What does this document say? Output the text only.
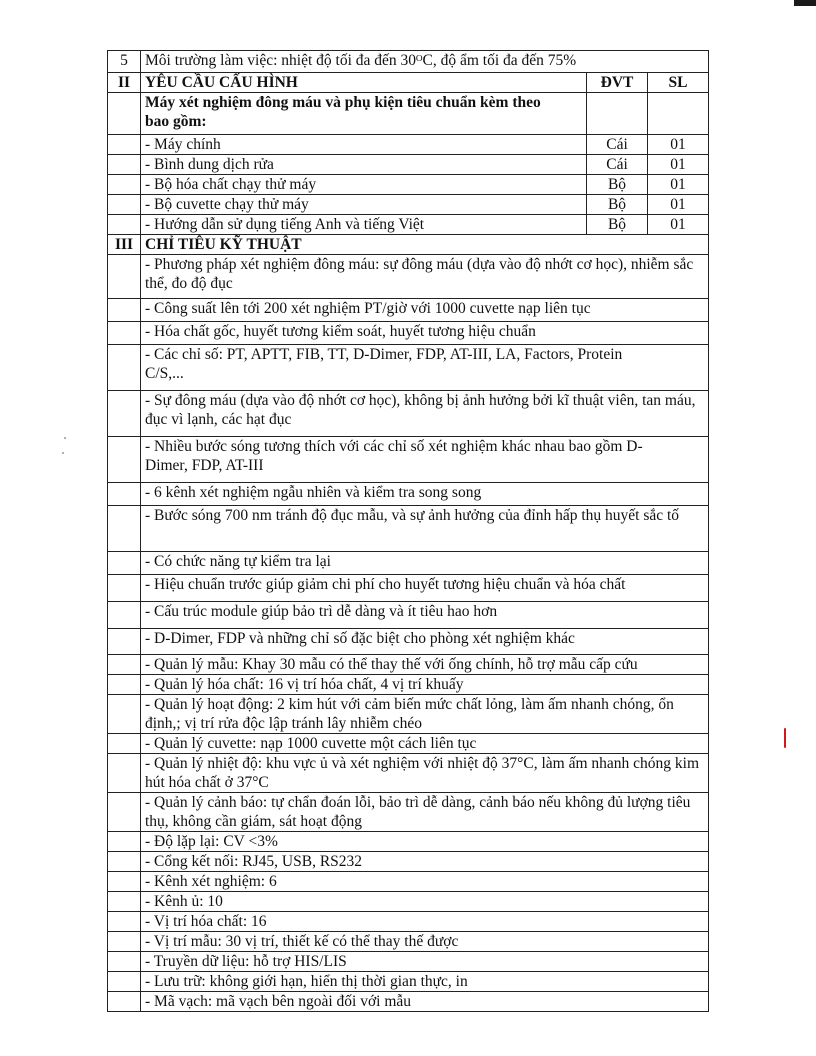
5	Môi trường làm việc: nhiệt độ tối đa đến 30ᴼC, độ ẩm tối đa đến 75%		
II	YÊU CẦU CẤU HÌNH	ĐVT	SL
	Máy xét nghiệm đông máu và phụ kiện tiêu chuẩn kèm theo bao gồm:		
	- Máy chính	Cái	01
	- Bình dung dịch rửa	Cái	01
	- Bộ hóa chất chạy thử máy	Bộ	01
	- Bộ cuvette chạy thử máy	Bộ	01
	- Hướng dẫn sử dụng tiếng Anh và tiếng Việt	Bộ	01
III	CHỈ TIÊU KỸ THUẬT		
	- Phương pháp xét nghiệm đông máu: sự đông máu (dựa vào độ nhớt cơ học), nhiễm sắc thể, đo độ đục		
	- Công suất lên tới 200 xét nghiệm PT/giờ với 1000 cuvette nạp liên tục		
	- Hóa chất gốc, huyết tương kiểm soát, huyết tương hiệu chuẩn		
	- Các chỉ số: PT, APTT, FIB, TT, D-Dimer, FDP, AT-III, LA, Factors, Protein C/S,...		
	- Sự đông máu (dựa vào độ nhớt cơ học), không bị ảnh hưởng bởi kĩ thuật viên, tan máu, đục vì lạnh, các hạt đục		
	- Nhiều bước sóng tương thích với các chỉ số xét nghiệm khác nhau bao gồm D-Dimer, FDP, AT-III		
	- 6 kênh xét nghiệm ngẫu nhiên và kiểm tra song song		
	- Bước sóng 700 nm tránh độ đục mẫu, và sự ảnh hưởng của đỉnh hấp thụ huyết sắc tố		
	- Có chức năng tự kiểm tra lại		
	- Hiệu chuẩn trước giúp giảm chi phí cho huyết tương hiệu chuẩn và hóa chất		
	- Cấu trúc module giúp bảo trì dễ dàng và ít tiêu hao hơn		
	- D-Dimer, FDP và những chỉ số đặc biệt cho phòng xét nghiệm khác		
	- Quản lý mẫu: Khay 30 mẫu có thể thay thế với ống chính, hỗ trợ mẫu cấp cứu		
	- Quản lý hóa chất: 16 vị trí hóa chất, 4 vị trí khuấy		
	- Quản lý hoạt động: 2 kim hút với cảm biến mức chất lỏng, làm ấm nhanh chóng, ổn định,; vị trí rửa độc lập tránh lây nhiễm chéo		
	- Quản lý cuvette: nạp 1000 cuvette một cách liên tục		
	- Quản lý nhiệt độ: khu vực ủ và xét nghiệm với nhiệt độ 37°C, làm ấm nhanh chóng kim hút hóa chất ở 37°C		
	- Quản lý cảnh báo: tự chẩn đoán lỗi, bảo trì dễ dàng, cảnh báo nếu không đủ lượng tiêu thụ, không cần giám, sát hoạt động		
	- Độ lặp lại: CV <3%		
	- Cổng kết nối: RJ45, USB, RS232		
	- Kênh xét nghiệm: 6		
	- Kênh ủ: 10		
	- Vị trí hóa chất: 16		
	- Vị trí mẫu: 30 vị trí, thiết kế có thể thay thế được		
	- Truyền dữ liệu: hỗ trợ HIS/LIS		
	- Lưu trữ: không giới hạn, hiển thị thời gian thực, in		
	- Mã vạch: mã vạch bên ngoài đối với mẫu		
